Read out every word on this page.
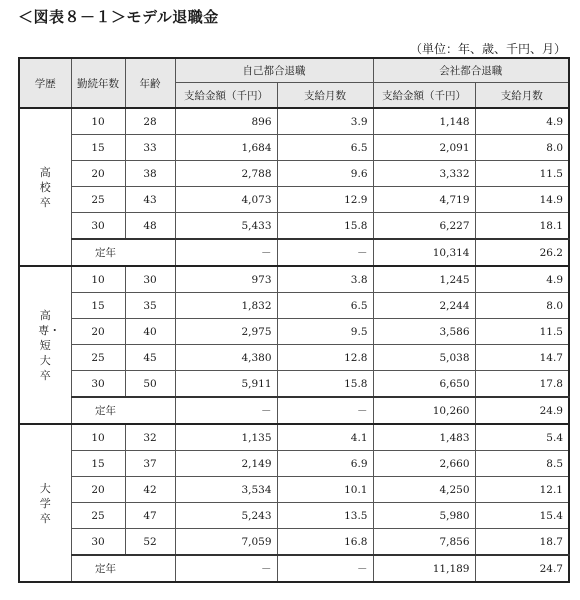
＜図表８－１＞モデル退職金
（単位：年、歳、千円、月）
学歴	勤続年数	年齢	自己都合退職		会社都合退職	
			支給金額（千円）	支給月数	支給金額（千円）	支給月数
高校卒	10	28	896	3.9	1,148	4.9
	15	33	1,684	6.5	2,091	8.0
	20	38	2,788	9.6	3,332	11.5
	25	43	4,073	12.9	4,719	14.9
	30	48	5,433	15.8	6,227	18.1
	定年		－	－	10,314	26.2
高専・短大卒	10	30	973	3.8	1,245	4.9
	15	35	1,832	6.5	2,244	8.0
	20	40	2,975	9.5	3,586	11.5
	25	45	4,380	12.8	5,038	14.7
	30	50	5,911	15.8	6,650	17.8
	定年		－	－	10,260	24.9
大学卒	10	32	1,135	4.1	1,483	5.4
	15	37	2,149	6.9	2,660	8.5
	20	42	3,534	10.1	4,250	12.1
	25	47	5,243	13.5	5,980	15.4
	30	52	7,059	16.8	7,856	18.7
	定年		－	－	11,189	24.7
